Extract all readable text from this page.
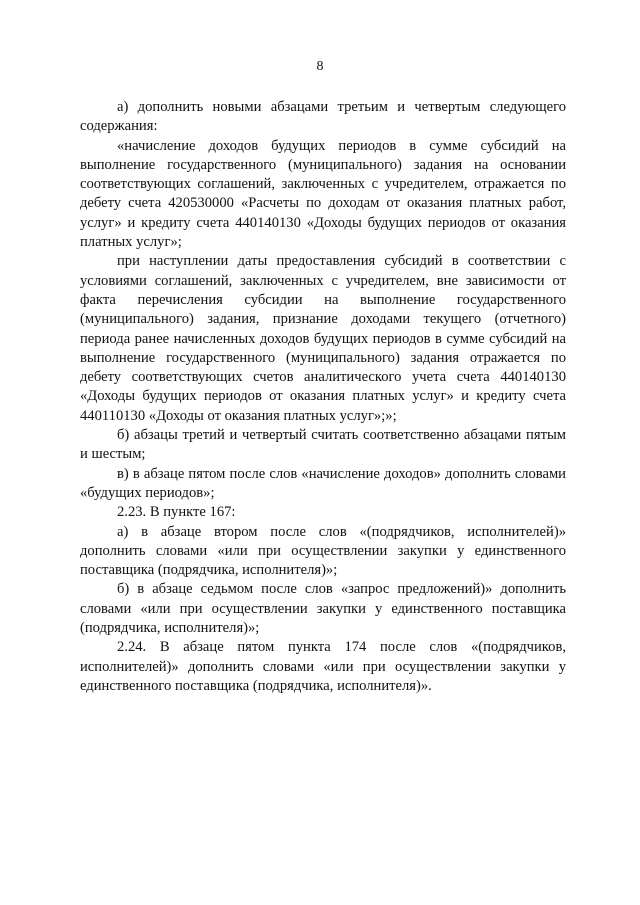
8

а) дополнить новыми абзацами третьим и четвертым следующего содержания:

«начисление доходов будущих периодов в сумме субсидий на выполнение государственного (муниципального) задания на основании соответствующих соглашений, заключенных с учредителем, отражается по дебету счета 420530000 «Расчеты по доходам от оказания платных работ, услуг» и кредиту счета 440140130 «Доходы будущих периодов от оказания платных услуг»;

при наступлении даты предоставления субсидий в соответствии с условиями соглашений, заключенных с учредителем, вне зависимости от факта перечисления субсидии на выполнение государственного (муниципального) задания, признание доходами текущего (отчетного) периода ранее начисленных доходов будущих периодов в сумме субсидий на выполнение государственного (муниципального) задания отражается по дебету соответствующих счетов аналитического учета счета 440140130 «Доходы будущих периодов от оказания платных услуг» и кредиту счета 440110130 «Доходы от оказания платных услуг»;»;

б) абзацы третий и четвертый считать соответственно абзацами пятым и шестым;

в) в абзаце пятом после слов «начисление доходов» дополнить словами «будущих периодов»;

2.23. В пункте 167:

а) в абзаце втором после слов «(подрядчиков, исполнителей)» дополнить словами «или при осуществлении закупки у единственного поставщика (подрядчика, исполнителя)»;

б) в абзаце седьмом после слов «запрос предложений)» дополнить словами «или при осуществлении закупки у единственного поставщика (подрядчика, исполнителя)»;

2.24. В абзаце пятом пункта 174 после слов «(подрядчиков, исполнителей)» дополнить словами «или при осуществлении закупки у единственного поставщика (подрядчика, исполнителя)».
